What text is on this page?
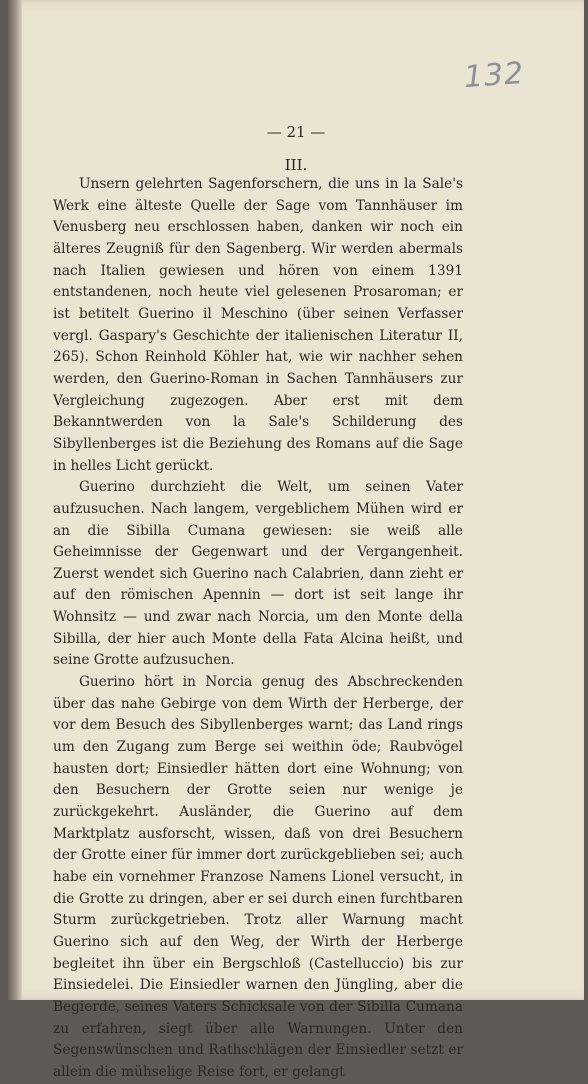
132
— 21 —
III.

Unsern gelehrten Sagenforschern, die uns in la Sale's Werk eine älteste Quelle der Sage vom Tannhäuser im Venusberg neu erschlossen haben, danken wir noch ein älteres Zeugniß für den Sagenberg. Wir werden abermals nach Italien gewiesen und hören von einem 1391 entstandenen, noch heute viel gelesenen Prosaroman; er ist betitelt Guerino il Meschino (über seinen Verfasser vergl. Gaspary's Geschichte der italienischen Literatur II, 265). Schon Reinhold Köhler hat, wie wir nachher sehen werden, den Guerino-Roman in Sachen Tannhäusers zur Vergleichung zugezogen. Aber erst mit dem Bekanntwerden von la Sale's Schilderung des Sibyllenberges ist die Beziehung des Romans auf die Sage in helles Licht gerückt.

Guerino durchzieht die Welt, um seinen Vater aufzusuchen. Nach langem, vergeblichem Mühen wird er an die Sibilla Cumana gewiesen: sie weiß alle Geheimnisse der Gegenwart und der Vergangenheit. Zuerst wendet sich Guerino nach Calabrien, dann zieht er auf den römischen Apennin — dort ist seit lange ihr Wohnsitz — und zwar nach Norcia, um den Monte della Sibilla, der hier auch Monte della Fata Alcina heißt, und seine Grotte aufzusuchen.

Guerino hört in Norcia genug des Abschreckenden über das nahe Gebirge von dem Wirth der Herberge, der vor dem Besuch des Sibyllenberges warnt; das Land rings um den Zugang zum Berge sei weithin öde; Raubvögel hausten dort; Einsiedler hätten dort eine Wohnung; von den Besuchern der Grotte seien nur wenige je zurückgekehrt. Ausländer, die Guerino auf dem Marktplatz ausforscht, wissen, daß von drei Besuchern der Grotte einer für immer dort zurückgeblieben sei; auch habe ein vornehmer Franzose Namens Lionel versucht, in die Grotte zu dringen, aber er sei durch einen furchtbaren Sturm zurückgetrieben. Trotz aller Warnung macht Guerino sich auf den Weg, der Wirth der Herberge begleitet ihn über ein Bergschloß (Castelluccio) bis zur Einsiedelei. Die Einsiedler warnen den Jüngling, aber die Begierde, seines Vaters Schicksale von der Sibilla Cumana zu erfahren, siegt über alle Warnungen. Unter den Segenswünschen und Rathschlägen der Einsiedler setzt er allein die mühselige Reise fort, er gelangt
